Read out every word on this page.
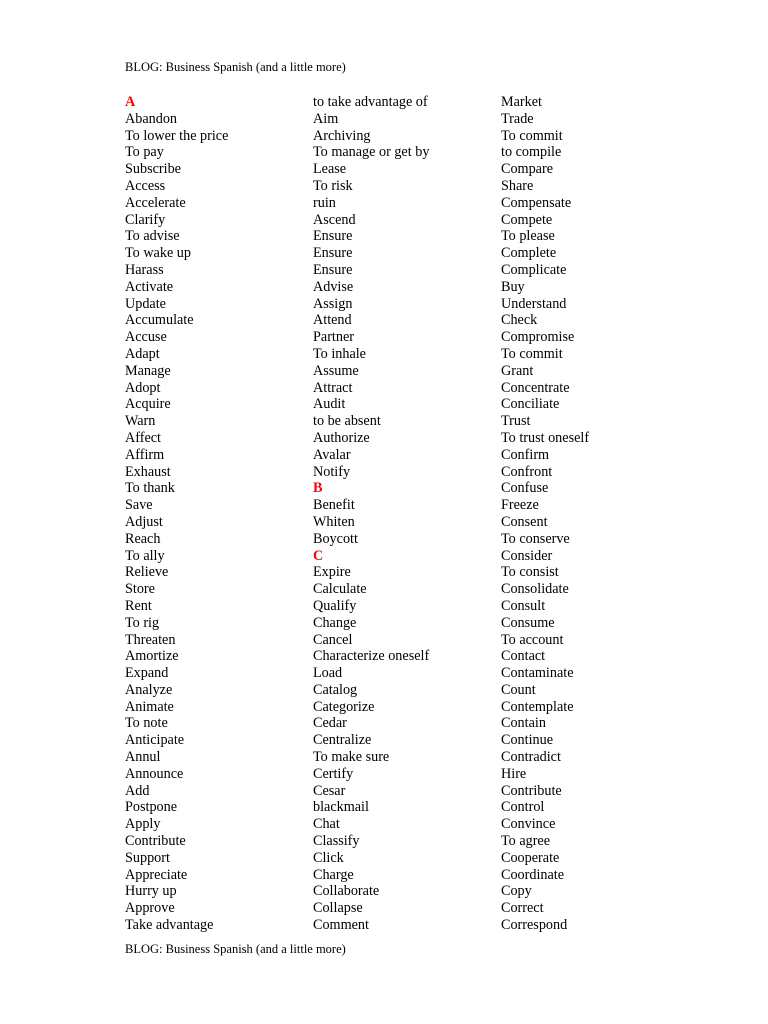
BLOG: Business Spanish (and a little more)
A
Abandon
To lower the price
To pay
Subscribe
Access
Accelerate
Clarify
To advise
To wake up
Harass
Activate
Update
Accumulate
Accuse
Adapt
Manage
Adopt
Acquire
Warn
Affect
Affirm
Exhaust
To thank
Save
Adjust
Reach
To ally
Relieve
Store
Rent
To rig
Threaten
Amortize
Expand
Analyze
Animate
To note
Anticipate
Annul
Announce
Add
Postpone
Apply
Contribute
Support
Appreciate
Hurry up
Approve
Take advantage
to take advantage of
Aim
Archiving
To manage or get by
Lease
To risk
ruin
Ascend
Ensure
Ensure
Ensure
Advise
Assign
Attend
Partner
To inhale
Assume
Attract
Audit
to be absent
Authorize
Avalar
Notify
B
Benefit
Whiten
Boycott
C
Expire
Calculate
Qualify
Change
Cancel
Characterize oneself
Load
Catalog
Categorize
Cedar
Centralize
To make sure
Certify
Cesar
blackmail
Chat
Classify
Click
Charge
Collaborate
Collapse
Comment
Market
Trade
To commit
to compile
Compare
Share
Compensate
Compete
To please
Complete
Complicate
Buy
Understand
Check
Compromise
To commit
Grant
Concentrate
Conciliate
Trust
To trust oneself
Confirm
Confront
Confuse
Freeze
Consent
To conserve
Consider
To consist
Consolidate
Consult
Consume
To account
Contact
Contaminate
Count
Contemplate
Contain
Continue
Contradict
Hire
Contribute
Control
Convince
To agree
Cooperate
Coordinate
Copy
Correct
Correspond
BLOG: Business Spanish (and a little more)
